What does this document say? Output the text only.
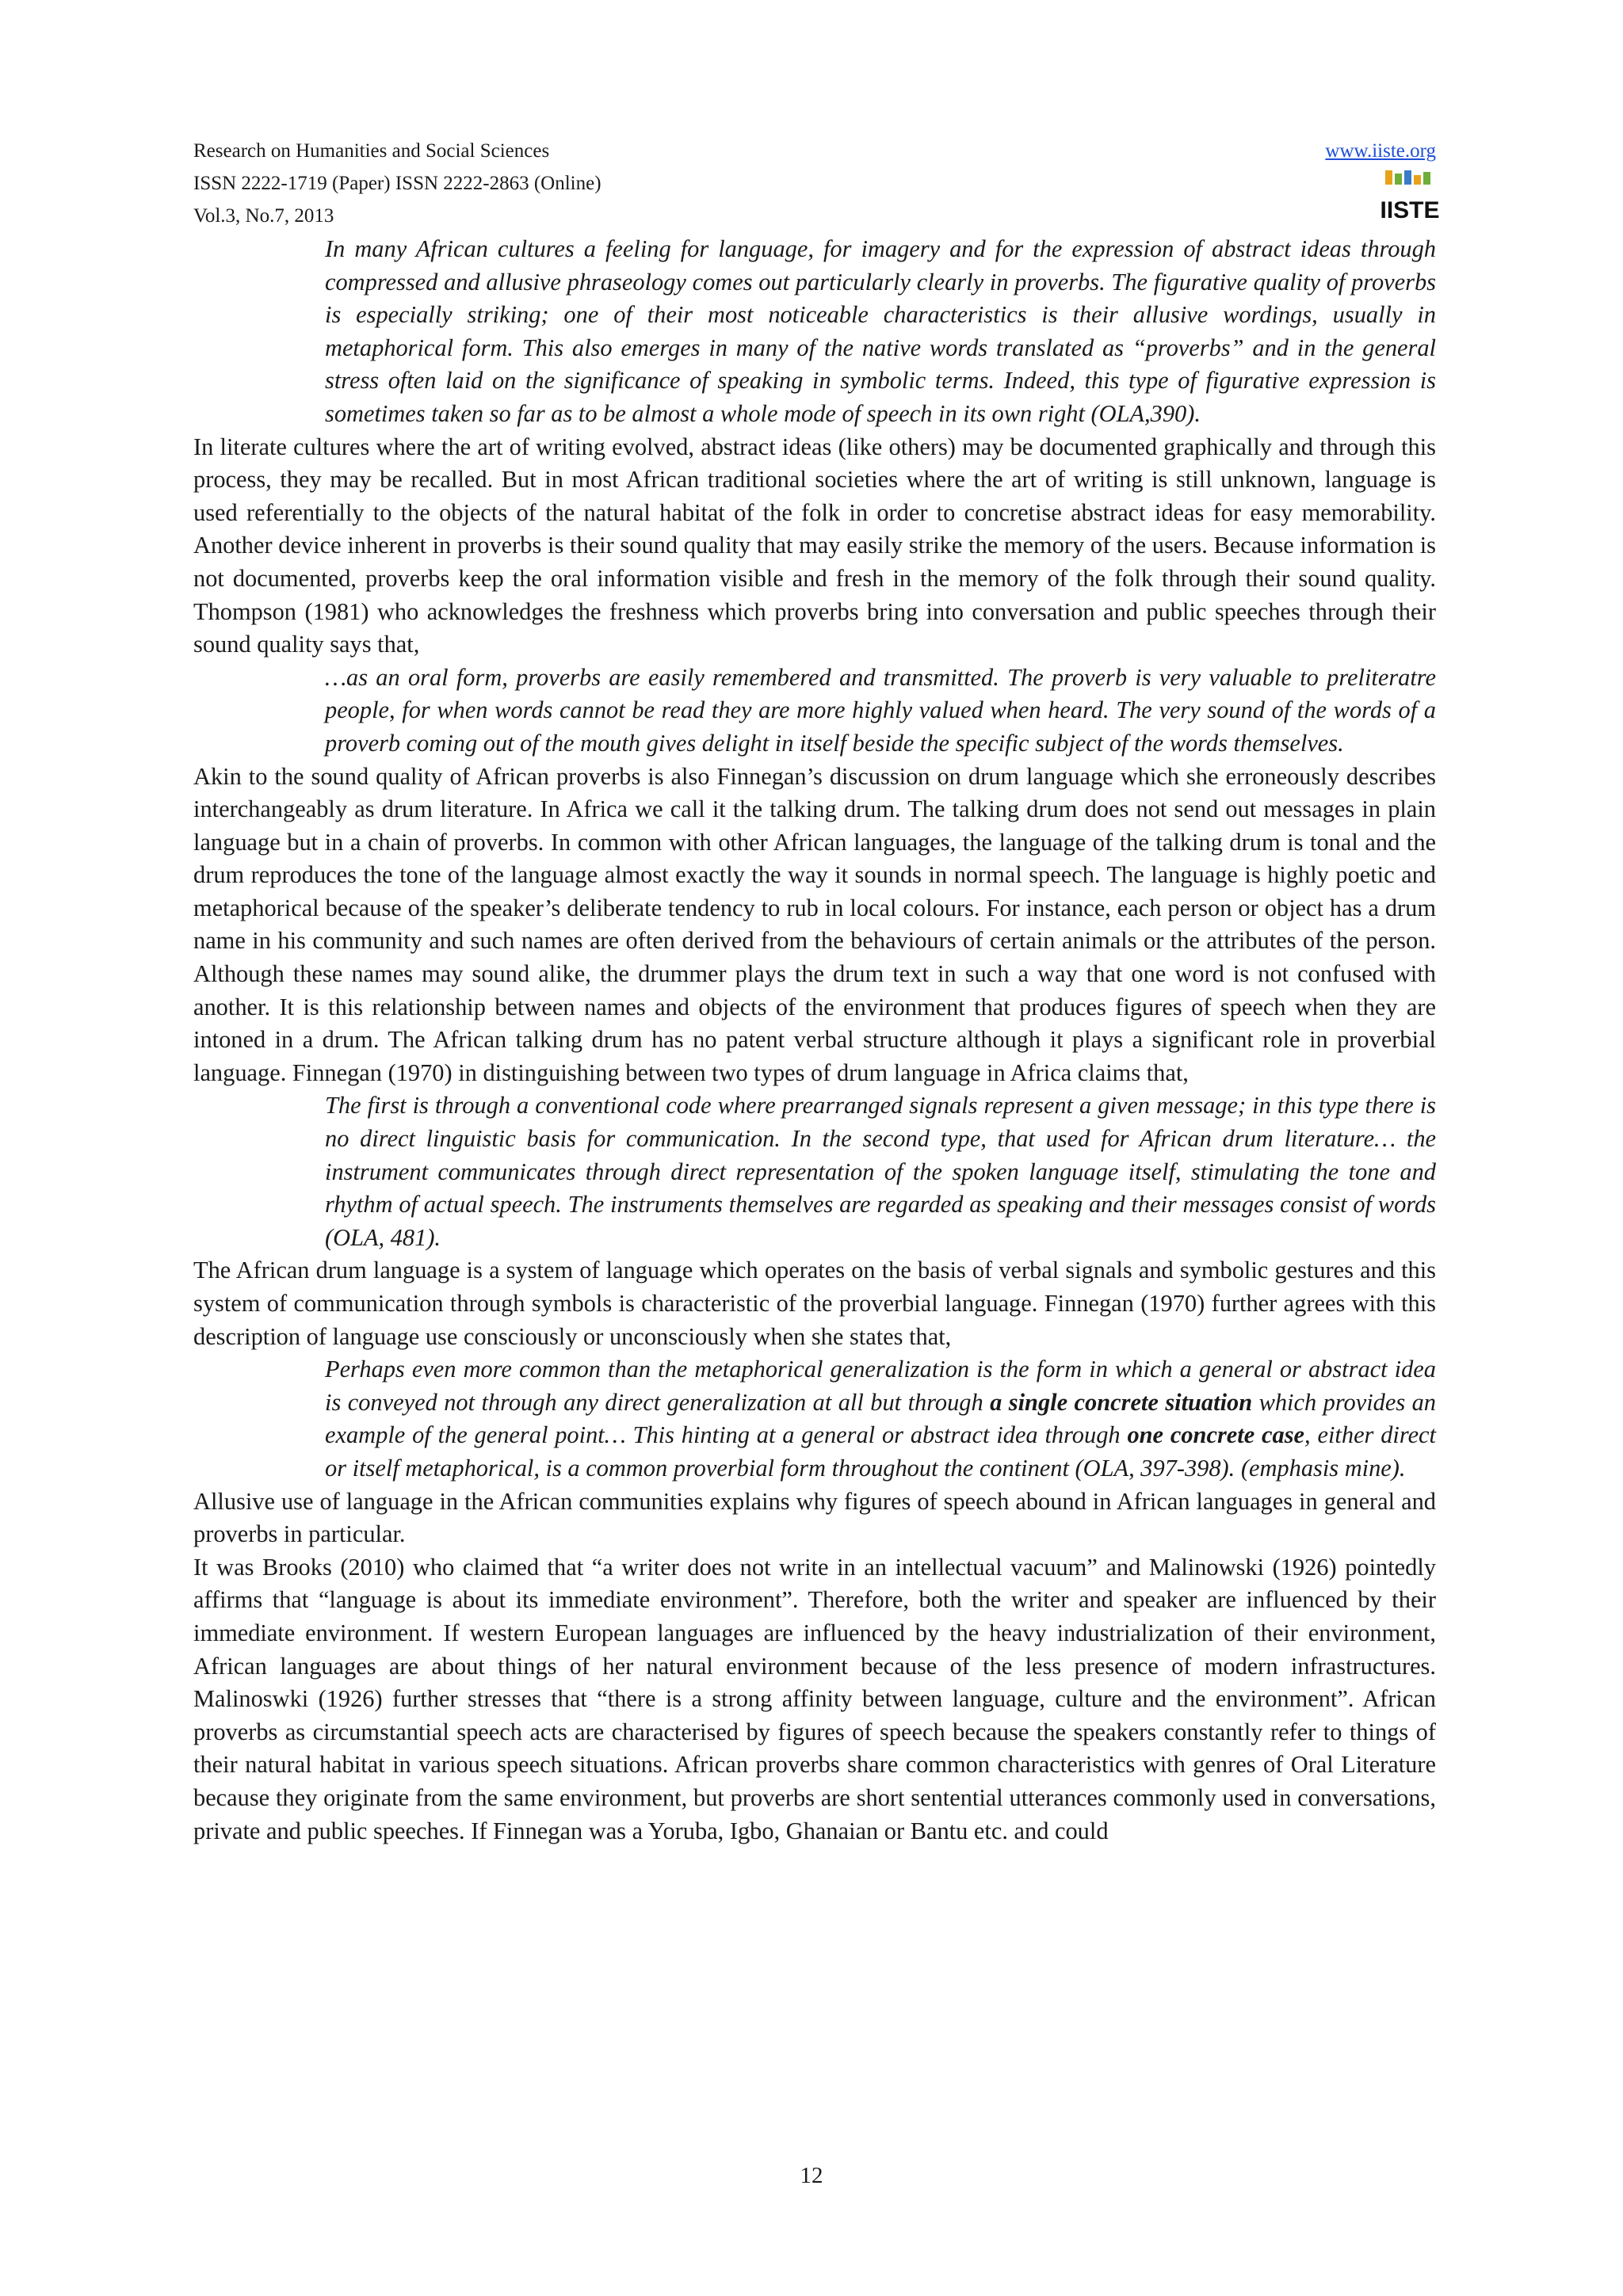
Research on Humanities and Social Sciences
ISSN 2222-1719 (Paper) ISSN 2222-2863 (Online)
Vol.3, No.7, 2013
www.iiste.org
IISTE
In many African cultures a feeling for language, for imagery and for the expression of abstract ideas through compressed and allusive phraseology comes out particularly clearly in proverbs. The figurative quality of proverbs is especially striking; one of their most noticeable characteristics is their allusive wordings, usually in metaphorical form. This also emerges in many of the native words translated as “proverbs” and in the general stress often laid on the significance of speaking in symbolic terms. Indeed, this type of figurative expression is sometimes taken so far as to be almost a whole mode of speech in its own right (OLA,390).

In literate cultures where the art of writing evolved, abstract ideas (like others) may be documented graphically and through this process, they may be recalled. But in most African traditional societies where the art of writing is still unknown, language is used referentially to the objects of the natural habitat of the folk in order to concretise abstract ideas for easy memorability. Another device inherent in proverbs is their sound quality that may easily strike the memory of the users. Because information is not documented, proverbs keep the oral information visible and fresh in the memory of the folk through their sound quality. Thompson (1981) who acknowledges the freshness which proverbs bring into conversation and public speeches through their sound quality says that,

…as an oral form, proverbs are easily remembered and transmitted. The proverb is very valuable to preliteratre people, for when words cannot be read they are more highly valued when heard. The very sound of the words of a proverb coming out of the mouth gives delight in itself beside the specific subject of the words themselves.

Akin to the sound quality of African proverbs is also Finnegan’s discussion on drum language which she erroneously describes interchangeably as drum literature. In Africa we call it the talking drum. The talking drum does not send out messages in plain language but in a chain of proverbs. In common with other African languages, the language of the talking drum is tonal and the drum reproduces the tone of the language almost exactly the way it sounds in normal speech. The language is highly poetic and metaphorical because of the speaker’s deliberate tendency to rub in local colours. For instance, each person or object has a drum name in his community and such names are often derived from the behaviours of certain animals or the attributes of the person. Although these names may sound alike, the drummer plays the drum text in such a way that one word is not confused with another. It is this relationship between names and objects of the environment that produces figures of speech when they are intoned in a drum. The African talking drum has no patent verbal structure although it plays a significant role in proverbial language. Finnegan (1970) in distinguishing between two types of drum language in Africa claims that,

The first is through a conventional code where prearranged signals represent a given message; in this type there is no direct linguistic basis for communication. In the second type, that used for African drum literature… the instrument communicates through direct representation of the spoken language itself, stimulating the tone and rhythm of actual speech. The instruments themselves are regarded as speaking and their messages consist of words (OLA, 481).

The African drum language is a system of language which operates on the basis of verbal signals and symbolic gestures and this system of communication through symbols is characteristic of the proverbial language. Finnegan (1970) further agrees with this description of language use consciously or unconsciously when she states that,

Perhaps even more common than the metaphorical generalization is the form in which a general or abstract idea is conveyed not through any direct generalization at all but through a single concrete situation which provides an example of the general point… This hinting at a general or abstract idea through one concrete case, either direct or itself metaphorical, is a common proverbial form throughout the continent (OLA, 397-398). (emphasis mine).

Allusive use of language in the African communities explains why figures of speech abound in African languages in general and proverbs in particular.

It was Brooks (2010) who claimed that “a writer does not write in an intellectual vacuum” and Malinowski (1926) pointedly affirms that “language is about its immediate environment”. Therefore, both the writer and speaker are influenced by their immediate environment. If western European languages are influenced by the heavy industrialization of their environment, African languages are about things of her natural environment because of the less presence of modern infrastructures. Malinoswki (1926) further stresses that “there is a strong affinity between language, culture and the environment”. African proverbs as circumstantial speech acts are characterised by figures of speech because the speakers constantly refer to things of their natural habitat in various speech situations. African proverbs share common characteristics with genres of Oral Literature because they originate from the same environment, but proverbs are short sentential utterances commonly used in conversations, private and public speeches. If Finnegan was a Yoruba, Igbo, Ghanaian or Bantu etc. and could

12
